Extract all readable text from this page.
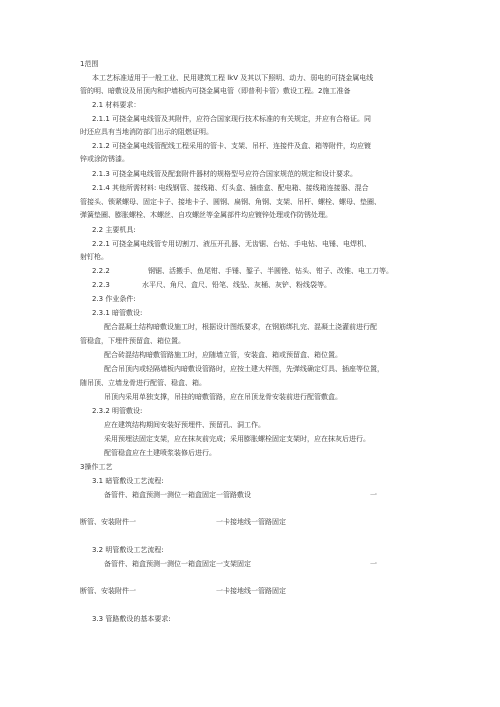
1范围
本工艺标准适用于一般工业、民用建筑工程 lkV 及其以下照明、动力、弱电的可挠金属电线
管的明、暗敷设及吊顶内和护墙板内可挠金属电管（即普利卡管）敷设工程。2施工准备
2.1 材料要求：
2.1.1 可挠金属电线管及其附件，应符合国家现行技术标准的有关规定，并应有合格证。同
时还应具有当地消防部门出示的阻燃证明。
2.1.2 可挠金属电线管配线工程采用的管卡、支架、吊杆、连接件及盒、箱等附件，均应镀
锌或涂防锈漆。
2.1.3 可挠金属电线管及配套附件器材的规格型号应符合国家规范的规定和设计要求。
2.1.4 其他所需材料: 电线钢管、接线箱、灯头盒、插座盒、配电箱、接线箱连接器、混合
管接头、锁紧螺母、固定卡子、接地卡子、圆钢、扁钢、角钢、支架、吊杆、螺栓、螺母、垫圈、
弹簧垫圈、膨胀螺栓、木螺丝、自攻螺丝等金属部件均应镀锌处理或作防锈处理。
2.2 主要机具:
2.2.1 可挠金属电线管专用切割刀、液压开孔器、无齿锯、台钻、手电钻、电锤、电焊机、
射钉枪。
2.2.2	钢锯、活搬手、鱼尾钳、手锤、錾子、半圆锉、钻头、钳子、改锥、电工刀等。
2.2.3	水平尺、角尺、盒尺、铅笔、线坠、灰桶、灰铲、粉线袋等。
2.3 作业条件:
2.3.1 暗管敷设:
配合混凝土结构暗敷设施工时，根据设计图纸要求，在钢筋绑扎完、混凝土浇灌前进行配
管稳盒，下埋件预留盒、箱位置。
配合砖混结构暗敷管路施工时，应随墙立管，安装盒、箱或预留盒、箱位置。
配合吊顶内或轻隔墙板内暗敷设管路时，应按土建大样图，先弹线确定灯具、插座等位置，
随吊顶、立墙龙骨进行配管、稳盒、箱。
吊顶内采用单独支撑，吊挂的暗敷管路，应在吊顶龙骨安装前进行配管敷盒。
2.3.2 明管敷设:
应在建筑结构期间安装好预埋件、预留孔、洞工作。
采用预埋法固定支架，应在抹灰前完成；采用膨胀螺栓固定支架时，应在抹灰后进行。
配管稳盒应在土建喷浆装修后进行。
3操作工艺
3.1 暗管敷设工艺流程:
备管件、箱盒预测一测位一箱盒固定一管路敷设	一
断管、安装附件一	一卡接地线一管路固定
3.2 明管敷设工艺流程:
备管件、箱盒预测一测位一箱盒固定一支架固定	一
断管、安装附件一	一卡接地线一管路固定
3.3 管路敷设的基本要求:
